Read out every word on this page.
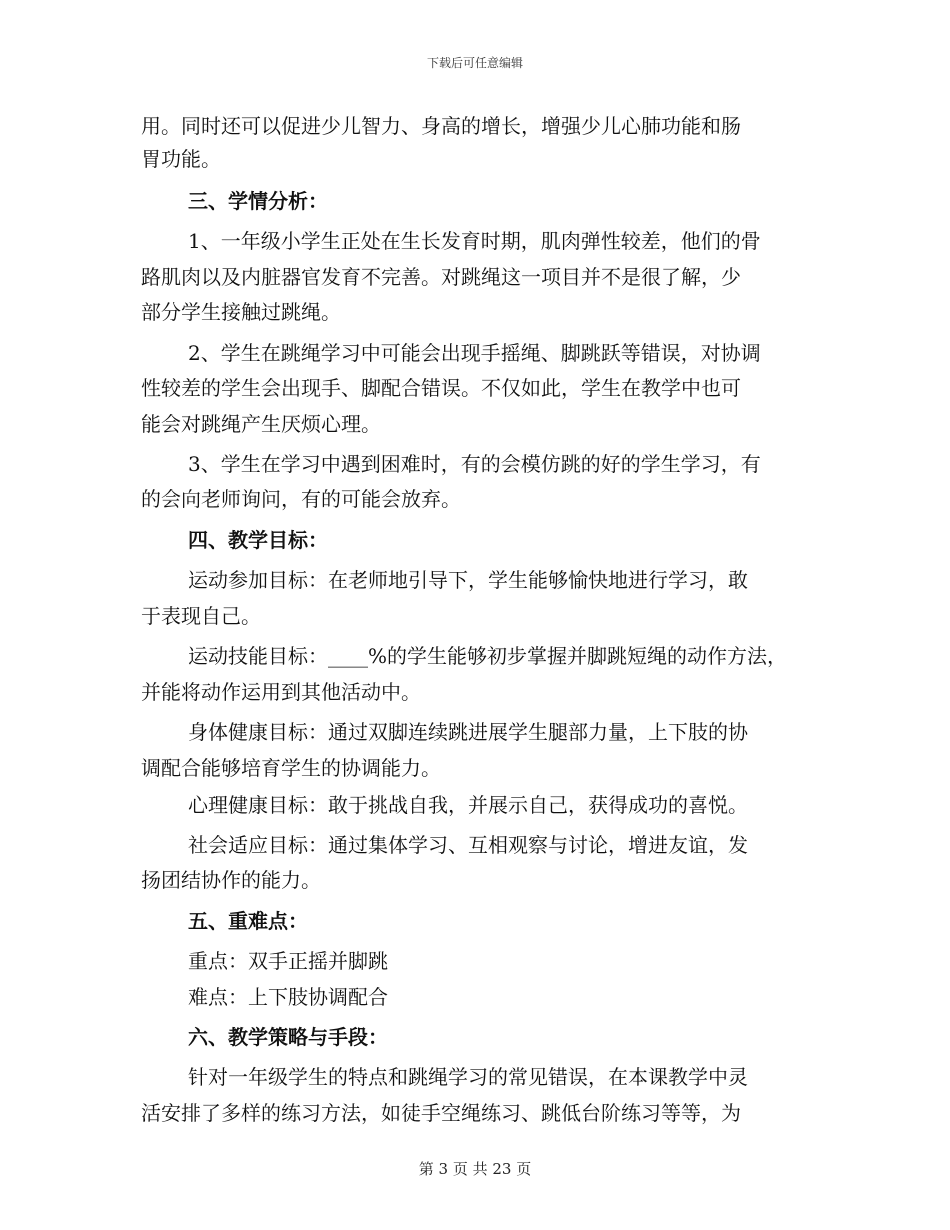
下载后可任意编辑
用。同时还可以促进少儿智力、身高的增长，增强少儿心肺功能和肠
胃功能。
三、学情分析：
1、一年级小学生正处在生长发育时期，肌肉弹性较差，他们的骨
路肌肉以及内脏器官发育不完善。对跳绳这一项目并不是很了解，少
部分学生接触过跳绳。
2、学生在跳绳学习中可能会出现手摇绳、脚跳跃等错误，对协调
性较差的学生会出现手、脚配合错误。不仅如此，学生在教学中也可
能会对跳绳产生厌烦心理。
3、学生在学习中遇到困难时，有的会模仿跳的好的学生学习，有
的会向老师询问，有的可能会放弃。
四、教学目标：
运动参加目标：在老师地引导下，学生能够愉快地进行学习，敢
于表现自己。
运动技能目标：____%的学生能够初步掌握并脚跳短绳的动作方法，
并能将动作运用到其他活动中。
身体健康目标：通过双脚连续跳进展学生腿部力量，上下肢的协
调配合能够培育学生的协调能力。
心理健康目标：敢于挑战自我，并展示自己，获得成功的喜悦。
社会适应目标：通过集体学习、互相观察与讨论，增进友谊，发
扬团结协作的能力。
五、重难点：
重点：双手正摇并脚跳
难点：上下肢协调配合
六、教学策略与手段：
针对一年级学生的特点和跳绳学习的常见错误，在本课教学中灵
活安排了多样的练习方法，如徒手空绳练习、跳低台阶练习等等，为
第 3 页 共 23 页
